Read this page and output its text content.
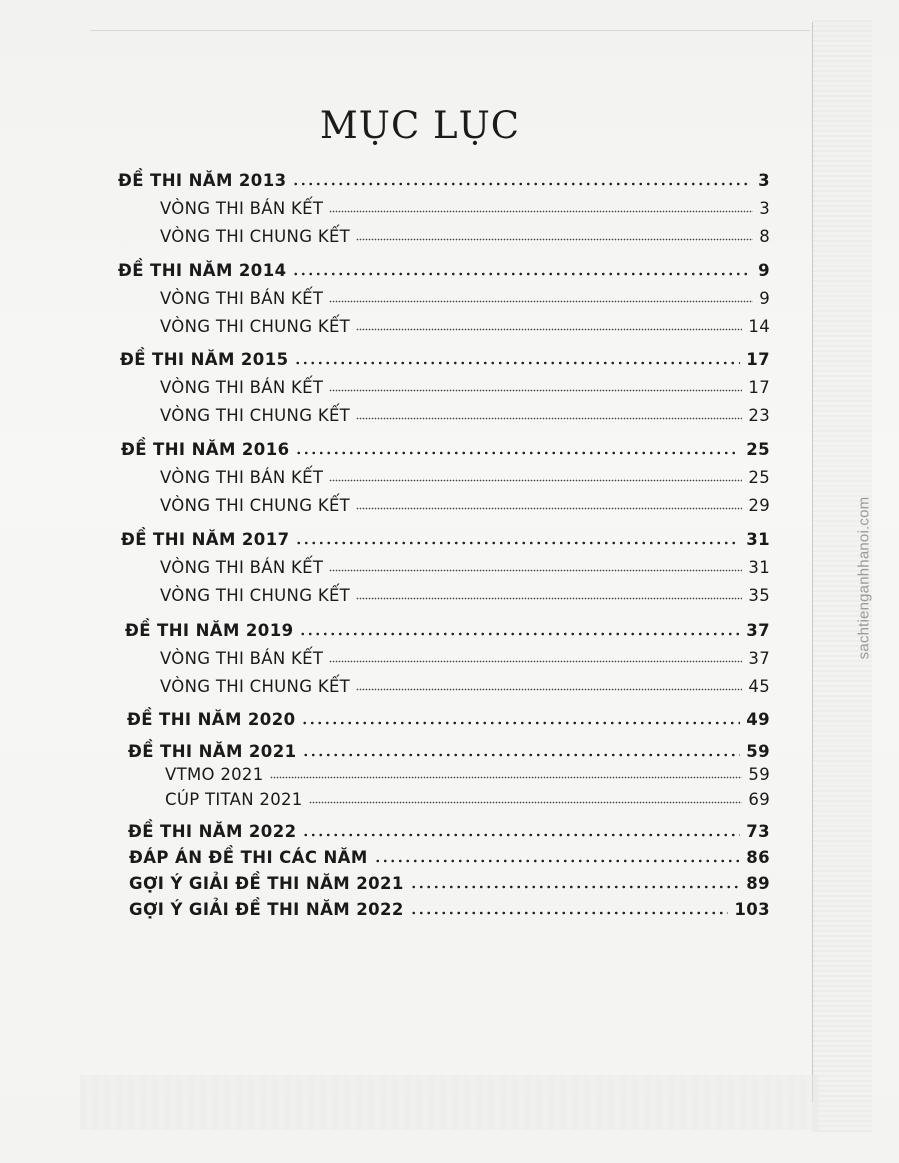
MỤC LỤC
ĐỀ THI NĂM 2013	3
VÒNG THI BÁN KẾT	3
VÒNG THI CHUNG KẾT	8
ĐỀ THI NĂM 2014	9
VÒNG THI BÁN KẾT	9
VÒNG THI CHUNG KẾT	14
ĐỀ THI NĂM 2015	17
VÒNG THI BÁN KẾT	17
VÒNG THI CHUNG KẾT	23
ĐỀ THI NĂM 2016	25
VÒNG THI BÁN KẾT	25
VÒNG THI CHUNG KẾT	29
ĐỀ THI NĂM 2017	31
VÒNG THI BÁN KẾT	31
VÒNG THI CHUNG KẾT	35
ĐỀ THI NĂM 2019	37
VÒNG THI BÁN KẾT	37
VÒNG THI CHUNG KẾT	45
ĐỀ THI NĂM 2020	49
ĐỀ THI NĂM 2021	59
VTMO 2021	59
CÚP TITAN 2021	69
ĐỀ THI NĂM 2022	73
ĐÁP ÁN ĐỀ THI CÁC NĂM	86
GỢI Ý GIẢI ĐỀ THI NĂM 2021	89
GỢI Ý GIẢI ĐỀ THI NĂM 2022	103
sachtienganhhanoi.com
